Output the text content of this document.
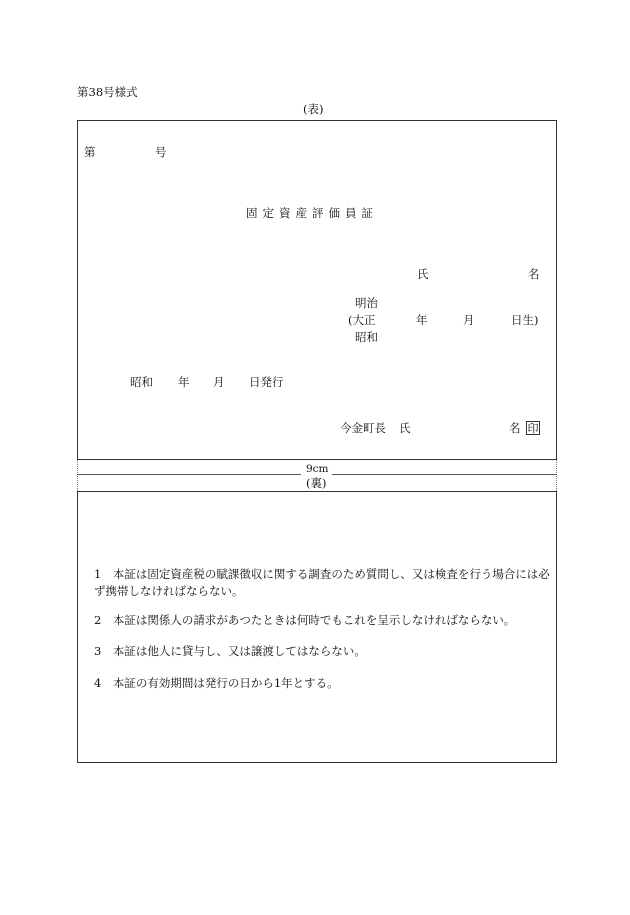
第38号様式
(表)
第	号
固定資産評価員証
氏	名
明治
(大正
昭和
年	月	日生)
昭和 年 月 日発行
今金町長 氏	名 印
9cm
(裏)
1　本証は固定資産税の賦課徴収に関する調査のため質問し、又は検査を行う場合には必ず携帯しなければならない。
2　本証は関係人の請求があつたときは何時でもこれを呈示しなければならない。
3　本証は他人に貸与し、又は譲渡してはならない。
4　本証の有効期間は発行の日から1年とする。
